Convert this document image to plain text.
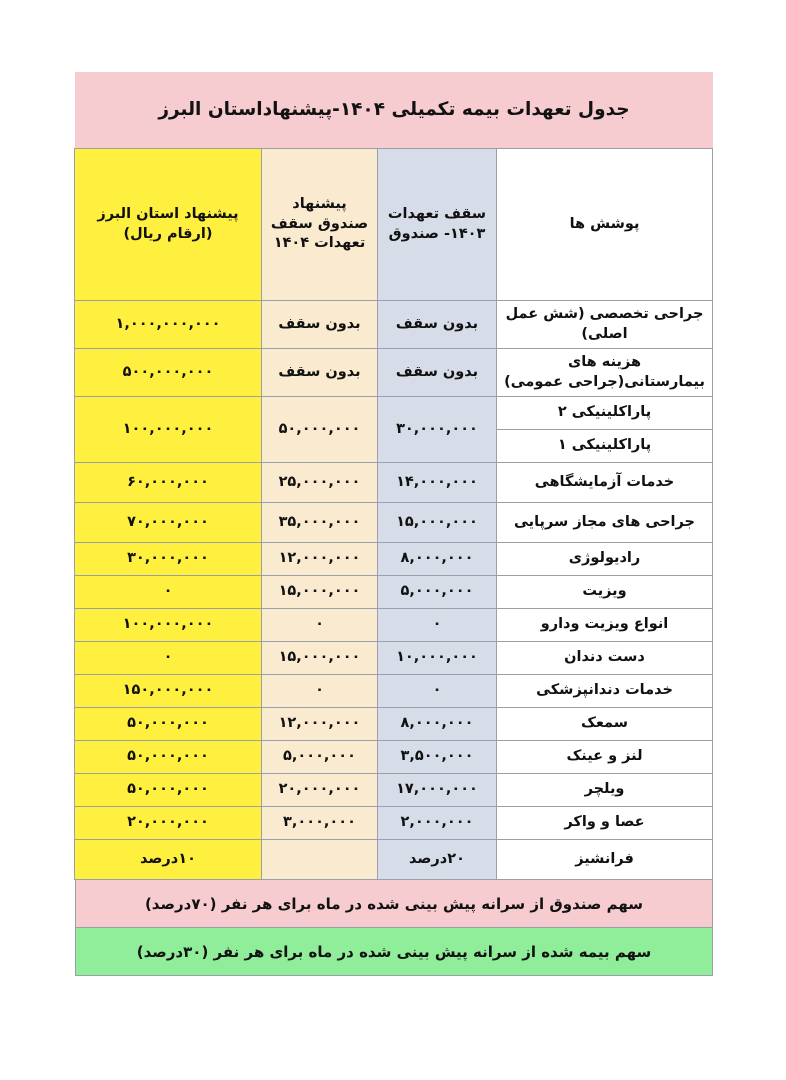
جدول تعهدات بیمه تکمیلی ۱۴۰۴-پیشنهاداستان البرز
پوشش ها	سقف تعهدات ۱۴۰۳- صندوق	پیشنهاد صندوق سقف تعهدات ۱۴۰۴	پیشنهاد استان البرز (ارقام ریال)
جراحی تخصصی (شش عمل اصلی)	بدون سقف	بدون سقف	۱,۰۰۰,۰۰۰,۰۰۰
هزینه های بیمارستانی(جراحی عمومی)	بدون سقف	بدون سقف	۵۰۰,۰۰۰,۰۰۰
پاراکلینیکی ۲	۳۰,۰۰۰,۰۰۰	۵۰,۰۰۰,۰۰۰	۱۰۰,۰۰۰,۰۰۰
پاراکلینیکی ۱			
خدمات آزمایشگاهی	۱۴,۰۰۰,۰۰۰	۲۵,۰۰۰,۰۰۰	۶۰,۰۰۰,۰۰۰
جراحی های مجاز سرپایی	۱۵,۰۰۰,۰۰۰	۳۵,۰۰۰,۰۰۰	۷۰,۰۰۰,۰۰۰
رادیولوژی	۸,۰۰۰,۰۰۰	۱۲,۰۰۰,۰۰۰	۳۰,۰۰۰,۰۰۰
ویزیت	۵,۰۰۰,۰۰۰	۱۵,۰۰۰,۰۰۰	۰
انواع ویزیت ودارو	۰	۰	۱۰۰,۰۰۰,۰۰۰
دست دندان	۱۰,۰۰۰,۰۰۰	۱۵,۰۰۰,۰۰۰	۰
خدمات دندانپزشکی	۰	۰	۱۵۰,۰۰۰,۰۰۰
سمعک	۸,۰۰۰,۰۰۰	۱۲,۰۰۰,۰۰۰	۵۰,۰۰۰,۰۰۰
لنز و عینک	۳,۵۰۰,۰۰۰	۵,۰۰۰,۰۰۰	۵۰,۰۰۰,۰۰۰
ویلچر	۱۷,۰۰۰,۰۰۰	۲۰,۰۰۰,۰۰۰	۵۰,۰۰۰,۰۰۰
عصا و واکر	۲,۰۰۰,۰۰۰	۳,۰۰۰,۰۰۰	۲۰,۰۰۰,۰۰۰
فرانشیز	۲۰درصد		۱۰درصد
سهم صندوق از سرانه پیش بینی شده در ماه برای هر نفر (۷۰درصد)
سهم بیمه شده از سرانه پیش بینی شده در ماه برای هر نفر (۳۰درصد)
